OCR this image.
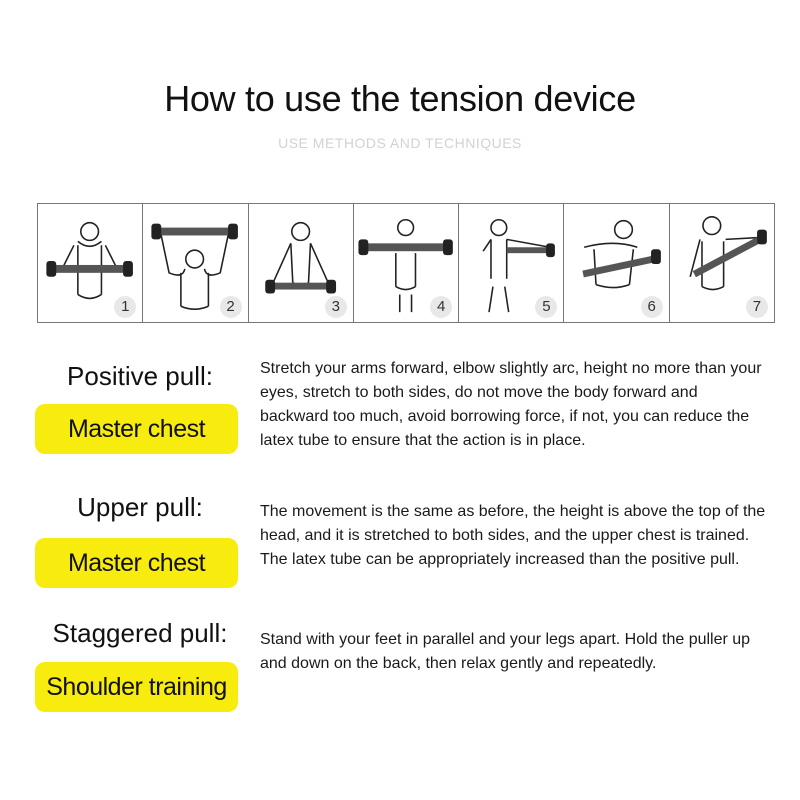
How to use the tension device
USE METHODS AND TECHNIQUES
1	2	3	4	5	6	7
Positive pull:
Master chest
Stretch your arms forward, elbow slightly arc, height no more than your eyes, stretch to both sides, do not move the body forward and backward too much, avoid borrowing force, if not, you can reduce the latex tube to ensure that the action is in place.
Upper pull:
Master chest
The movement is the same as before, the height is above the top of the head, and it is stretched to both sides, and the upper chest is trained. The latex tube can be appropriately increased than the positive pull.
Staggered pull:
Shoulder training
Stand with your feet in parallel and your legs apart. Hold the puller up and down on the back, then relax gently and repeatedly.
